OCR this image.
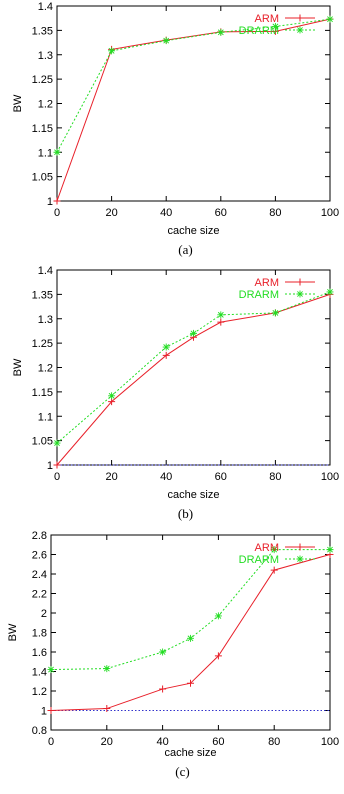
0	20	40	60	80	100
1
1.05
1.1
1.15
1.2
1.25
1.3
1.35
1.4
cache size
BW
ARM
DRARM
(a)
0	20	40	60	80	100
1
1.05
1.1
1.15
1.2
1.25
1.3
1.35
1.4
cache size
BW
ARM
DRARM
(b)
0	20	40	60	80	100
0.8
1
1.2
1.4
1.6
1.8
2
2.2
2.4
2.6
2.8
cache size
BW
ARM
DRARM
(c)
